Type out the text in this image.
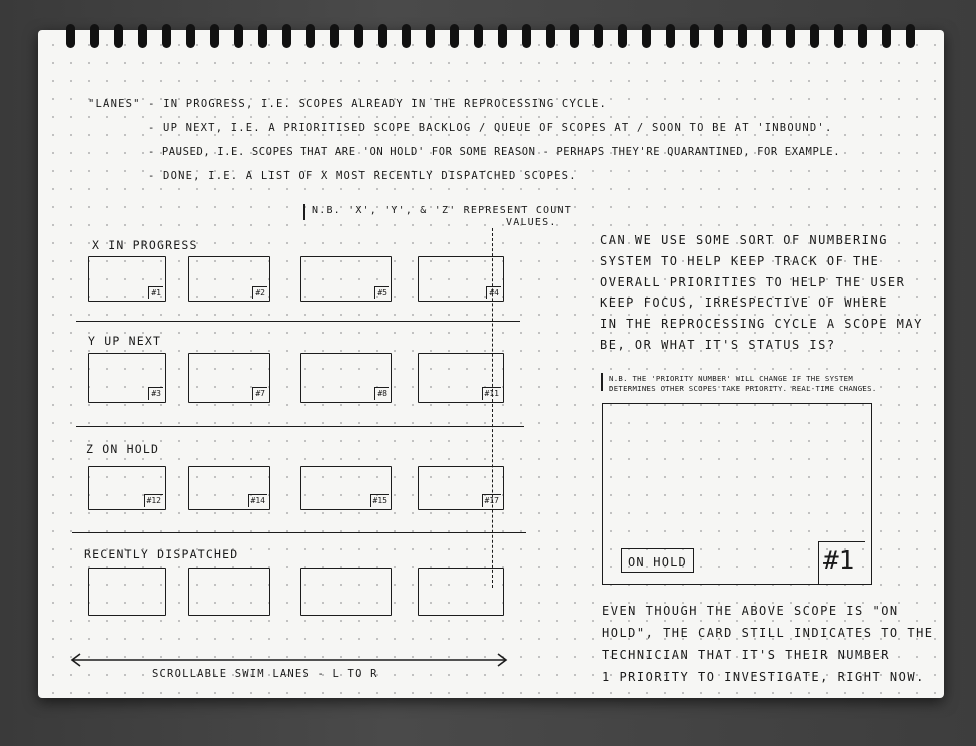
"LANES" - IN PROGRESS, I.E. SCOPES ALREADY IN THE REPROCESSING CYCLE.
- UP NEXT, I.E. A PRIORITISED SCOPE BACKLOG / QUEUE OF SCOPES AT / SOON TO BE AT 'INBOUND'.
- PAUSED, I.E. SCOPES THAT ARE 'ON HOLD' FOR SOME REASON - PERHAPS THEY'RE QUARANTINED, FOR EXAMPLE.
- DONE, I.E. A LIST OF X MOST RECENTLY DISPATCHED SCOPES.
N.B. 'X', 'Y', & 'Z' REPRESENT COUNT
VALUES.
X IN PROGRESS
Y UP NEXT
Z ON HOLD
RECENTLY DISPATCHED
#1	#2	#5	#4
#3	#7	#8	#11
#12	#14	#15	#17
SCROLLABLE SWIM LANES - L TO R
CAN WE USE SOME SORT OF NUMBERING
SYSTEM TO HELP KEEP TRACK OF THE
OVERALL PRIORITIES TO HELP THE USER
KEEP FOCUS, IRRESPECTIVE OF WHERE
IN THE REPROCESSING CYCLE A SCOPE MAY
BE, OR WHAT IT'S STATUS IS?
N.B. THE 'PRIORITY NUMBER' WILL CHANGE IF THE SYSTEM
DETERMINES OTHER SCOPES TAKE PRIORITY. REAL-TIME CHANGES.
ON HOLD	#1
EVEN THOUGH THE ABOVE SCOPE IS "ON
HOLD", THE CARD STILL INDICATES TO THE
TECHNICIAN THAT IT'S THEIR NUMBER
1 PRIORITY TO INVESTIGATE, RIGHT NOW.
